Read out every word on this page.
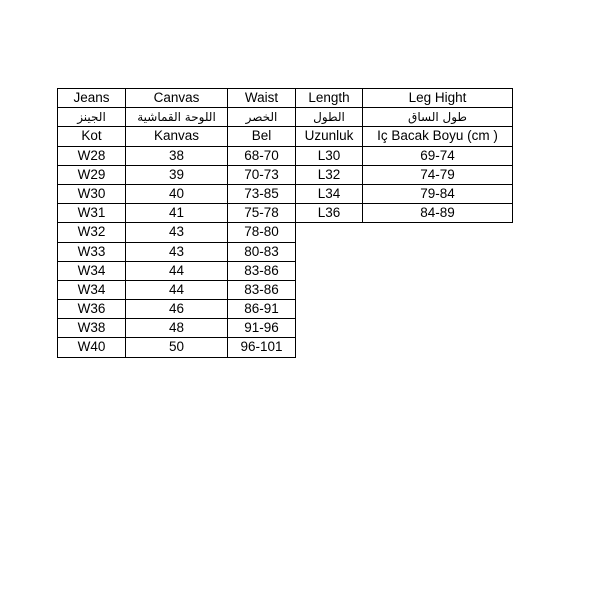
Jeans	Canvas	Waist	Length	Leg Hight
الجينز	اللوحة القماشية	الخصر	الطول	طول الساق
Kot	Kanvas	Bel	Uzunluk	Iç Bacak Boyu (cm )
W28	38	68-70	L30	69-74
W29	39	70-73	L32	74-79
W30	40	73-85	L34	79-84
W31	41	75-78	L36	84-89
W32	43	78-80		
W33	43	80-83		
W34	44	83-86		
W34	44	83-86		
W36	46	86-91		
W38	48	91-96		
W40	50	96-101		
